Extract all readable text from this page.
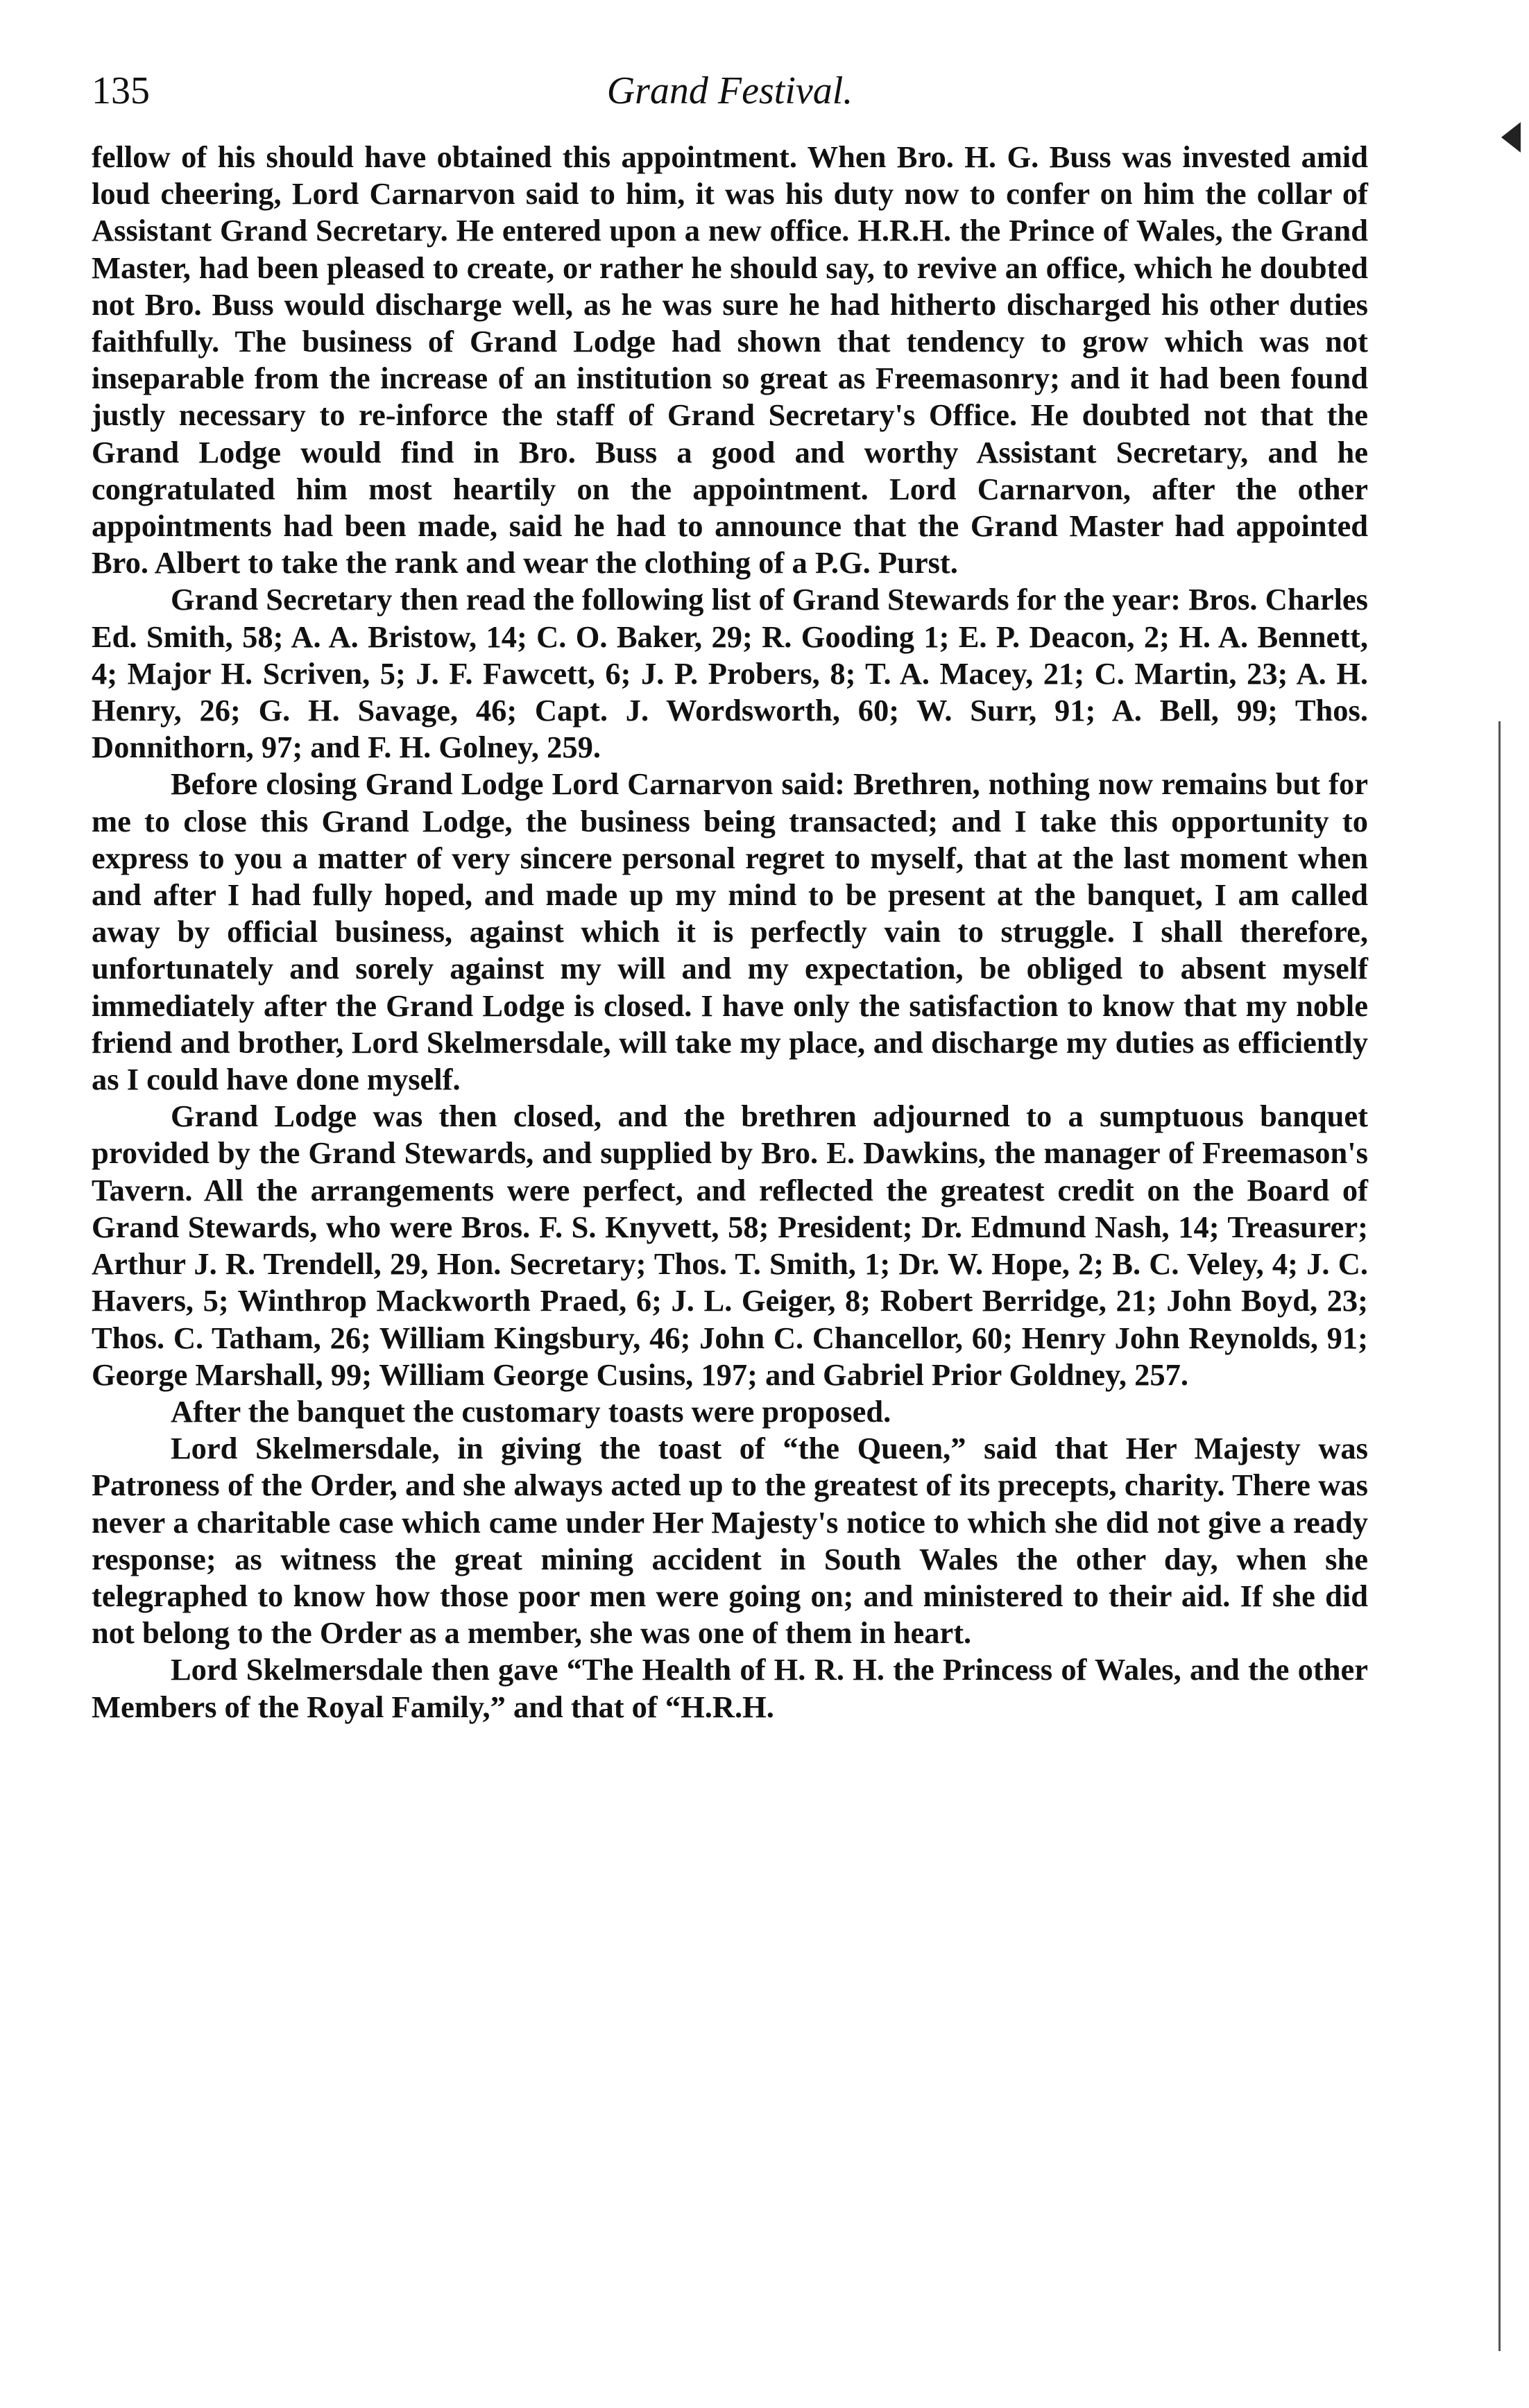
135	Grand Festival.

fellow of his should have obtained this appointment. When Bro. H. G. Buss was invested amid loud cheering, Lord Carnarvon said to him, it was his duty now to confer on him the collar of Assistant Grand Secretary. He entered upon a new office. H.R.H. the Prince of Wales, the Grand Master, had been pleased to create, or rather he should say, to revive an office, which he doubted not Bro. Buss would discharge well, as he was sure he had hitherto discharged his other duties faithfully. The business of Grand Lodge had shown that tendency to grow which was not inseparable from the increase of an institution so great as Freemasonry; and it had been found justly necessary to re-inforce the staff of Grand Secretary's Office. He doubted not that the Grand Lodge would find in Bro. Buss a good and worthy Assistant Secretary, and he congratulated him most heartily on the appointment. Lord Carnarvon, after the other appointments had been made, said he had to announce that the Grand Master had appointed Bro. Albert to take the rank and wear the clothing of a P.G. Purst.

Grand Secretary then read the following list of Grand Stewards for the year: Bros. Charles Ed. Smith, 58; A. A. Bristow, 14; C. O. Baker, 29; R. Gooding 1; E. P. Deacon, 2; H. A. Bennett, 4; Major H. Scriven, 5; J. F. Fawcett, 6; J. P. Probers, 8; T. A. Macey, 21; C. Martin, 23; A. H. Henry, 26; G. H. Savage, 46; Capt. J. Wordsworth, 60; W. Surr, 91; A. Bell, 99; Thos. Donnithorn, 97; and F. H. Golney, 259.

Before closing Grand Lodge Lord Carnarvon said: Brethren, nothing now remains but for me to close this Grand Lodge, the business being transacted; and I take this opportunity to express to you a matter of very sincere personal regret to myself, that at the last moment when and after I had fully hoped, and made up my mind to be present at the banquet, I am called away by official business, against which it is perfectly vain to struggle. I shall therefore, unfortunately and sorely against my will and my expectation, be obliged to absent myself immediately after the Grand Lodge is closed. I have only the satisfaction to know that my noble friend and brother, Lord Skelmersdale, will take my place, and discharge my duties as efficiently as I could have done myself.

Grand Lodge was then closed, and the brethren adjourned to a sumptuous banquet provided by the Grand Stewards, and supplied by Bro. E. Dawkins, the manager of Freemason's Tavern. All the arrangements were perfect, and reflected the greatest credit on the Board of Grand Stewards, who were Bros. F. S. Knyvett, 58; President; Dr. Edmund Nash, 14; Treasurer; Arthur J. R. Trendell, 29, Hon. Secretary; Thos. T. Smith, 1; Dr. W. Hope, 2; B. C. Veley, 4; J. C. Havers, 5; Winthrop Mackworth Praed, 6; J. L. Geiger, 8; Robert Berridge, 21; John Boyd, 23; Thos. C. Tatham, 26; William Kingsbury, 46; John C. Chancellor, 60; Henry John Reynolds, 91; George Marshall, 99; William George Cusins, 197; and Gabriel Prior Goldney, 257.

After the banquet the customary toasts were proposed.

Lord Skelmersdale, in giving the toast of “the Queen,” said that Her Majesty was Patroness of the Order, and she always acted up to the greatest of its precepts, charity. There was never a charitable case which came under Her Majesty's notice to which she did not give a ready response; as witness the great mining accident in South Wales the other day, when she telegraphed to know how those poor men were going on; and ministered to their aid. If she did not belong to the Order as a member, she was one of them in heart.

Lord Skelmersdale then gave “The Health of H. R. H. the Princess of Wales, and the other Members of the Royal Family,” and that of “H.R.H.
